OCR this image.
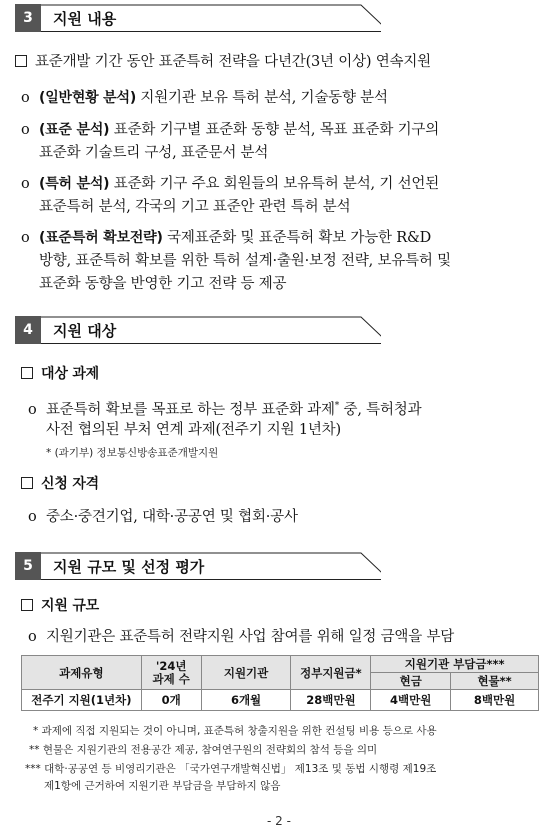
3	지원 내용
표준개발 기간 동안 표준특허 전략을 다년간(3년 이상) 연속지원
o (일반현황 분석) 지원기관 보유 특허 분석, 기술동향 분석
o (표준 분석) 표준화 기구별 표준화 동향 분석, 목표 표준화 기구의
표준화 기술트리 구성, 표준문서 분석
o (특허 분석) 표준화 기구 주요 회원들의 보유특허 분석, 기 선언된
표준특허 분석, 각국의 기고 표준안 관련 특허 분석
o (표준특허 확보전략) 국제표준화 및 표준특허 확보 가능한 R&D
방향, 표준특허 확보를 위한 특허 설계·출원·보정 전략, 보유특허 및
표준화 동향을 반영한 기고 전략 등 제공
4	지원 대상
대상 과제
o 표준특허 확보를 목표로 하는 정부 표준화 과제* 중, 특허청과
사전 협의된 부처 연계 과제(전주기 지원 1년차)
* (과기부) 정보통신방송표준개발지원
신청 자격
o 중소·중견기업, 대학·공공연 및 협회·공사
5	지원 규모 및 선정 평가
지원 규모
o 지원기관은 표준특허 전략지원 사업 참여를 위해 일정 금액을 부담
과제유형	'24년
과제 수	지원기관	정부지원금*	지원기관 부담금***	
				현금	현물**
전주기 지원(1년차)	0개	6개월	28백만원	4백만원	8백만원
* 과제에 직접 지원되는 것이 아니며, 표준특허 창출지원을 위한 컨설팅 비용 등으로 사용
** 현물은 지원기관의 전용공간 제공, 참여연구원의 전략회의 참석 등을 의미
*** 대학·공공연 등 비영리기관은 「국가연구개발혁신법」 제13조 및 동법 시행령 제19조
제1항에 근거하여 지원기관 부담금을 부담하지 않음
- 2 -
